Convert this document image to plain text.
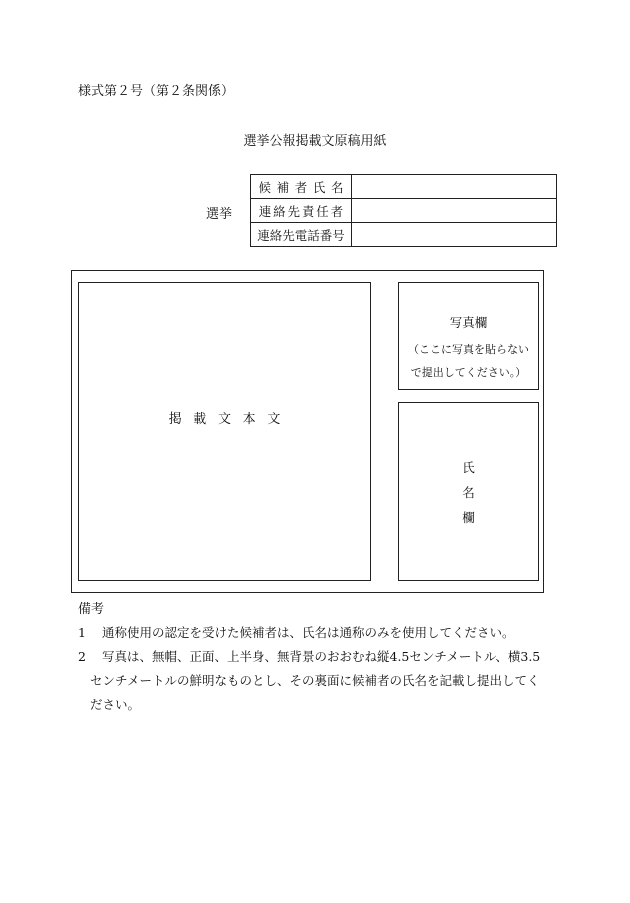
様式第２号（第２条関係）
選挙公報掲載文原稿用紙
選挙
候補者氏名	
連絡先責任者	
連絡先電話番号	
掲載文本文
写真欄
（ここに写真を貼らない
で提出してください。）
氏
名
欄
備考
1 通称使用の認定を受けた候補者は、氏名は通称のみを使用してください。
2 写真は、無帽、正面、上半身、無背景のおおむね縦4.5センチメートル、横3.5
センチメートルの鮮明なものとし、その裏面に候補者の氏名を記載し提出してく
ださい。
